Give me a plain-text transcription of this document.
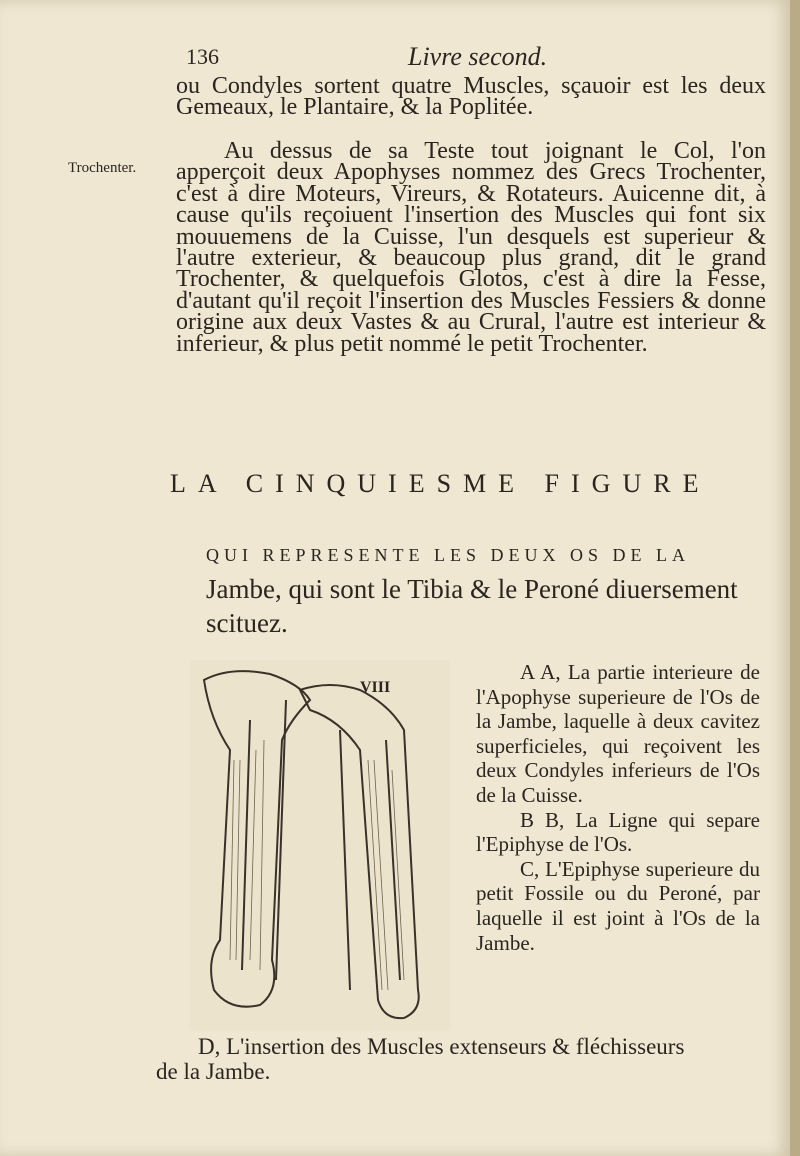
136	Livre second.
Trochenter.

ou Condyles sortent quatre Muscles, sçauoir est les deux Gemeaux, le Plantaire, & la Poplitée.

Au dessus de sa Teste tout joignant le Col, l'on apperçoit deux Apophyses nommez des Grecs Trochenter, c'est à dire Moteurs, Vireurs, & Rotateurs. Auicenne dit, à cause qu'ils reçoiuent l'insertion des Muscles qui font six mouuemens de la Cuisse, l'un desquels est superieur & l'autre exterieur, & beaucoup plus grand, dit le grand Trochenter, & quelquefois Glotos, c'est à dire la Fesse, d'autant qu'il reçoit l'insertion des Muscles Fessiers & donne origine aux deux Vastes & au Crural, l'autre est interieur & inferieur, & plus petit nommé le petit Trochenter.

LA CINQUIESME FIGURE
QUI REPRESENTE LES DEUX OS DE LA Jambe, qui sont le Tibia & le Peroné diuersement scituez.
VIII

A A, La partie interieure de l'Apophyse superieure de l'Os de la Jambe, laquelle à deux cavitez superficieles, qui reçoivent les deux Condyles inferieurs de l'Os de la Cuisse.

B B, La Ligne qui separe l'Epiphyse de l'Os.

C, L'Epiphyse superieure du petit Fossile ou du Peroné, par laquelle il est joint à l'Os de la Jambe.

D, L'insertion des Muscles extenseurs & fléchisseurs
de la Jambe.
